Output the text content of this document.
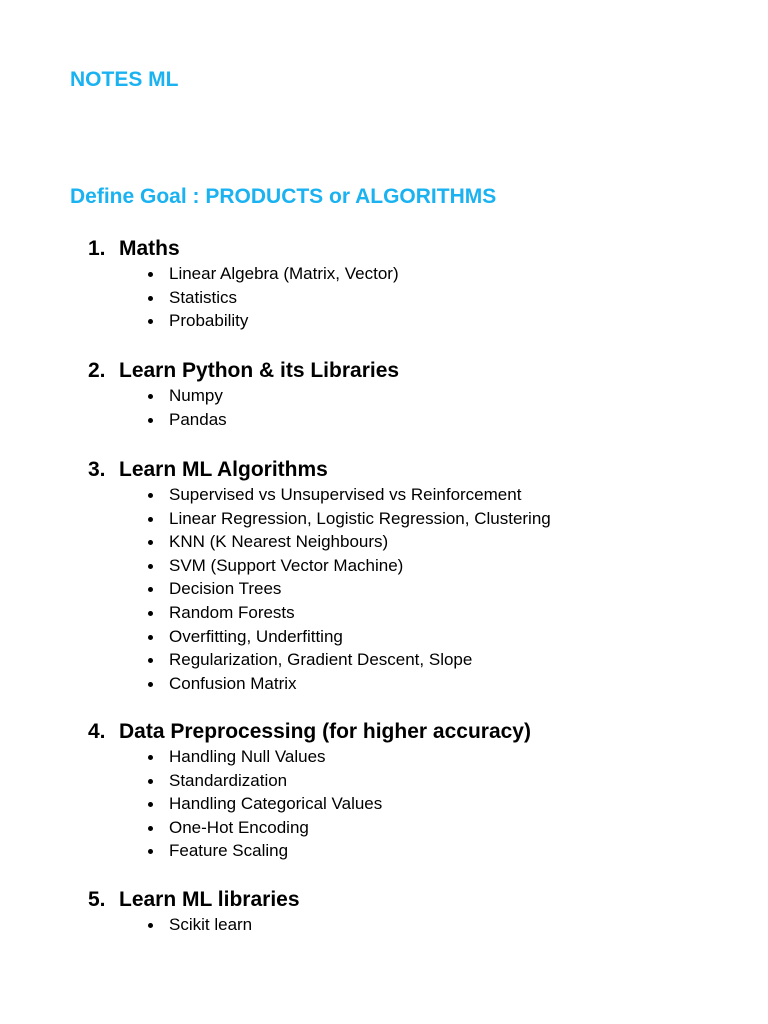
NOTES ML
Define Goal : PRODUCTS or ALGORITHMS
1. Maths
Linear Algebra (Matrix, Vector)
Statistics
Probability
2. Learn Python & its Libraries
Numpy
Pandas
3. Learn ML Algorithms
Supervised vs Unsupervised vs Reinforcement
Linear Regression, Logistic Regression, Clustering
KNN (K Nearest Neighbours)
SVM (Support Vector Machine)
Decision Trees
Random Forests
Overfitting, Underfitting
Regularization, Gradient Descent, Slope
Confusion Matrix
4. Data Preprocessing (for higher accuracy)
Handling Null Values
Standardization
Handling Categorical Values
One-Hot Encoding
Feature Scaling
5. Learn ML libraries
Scikit learn
